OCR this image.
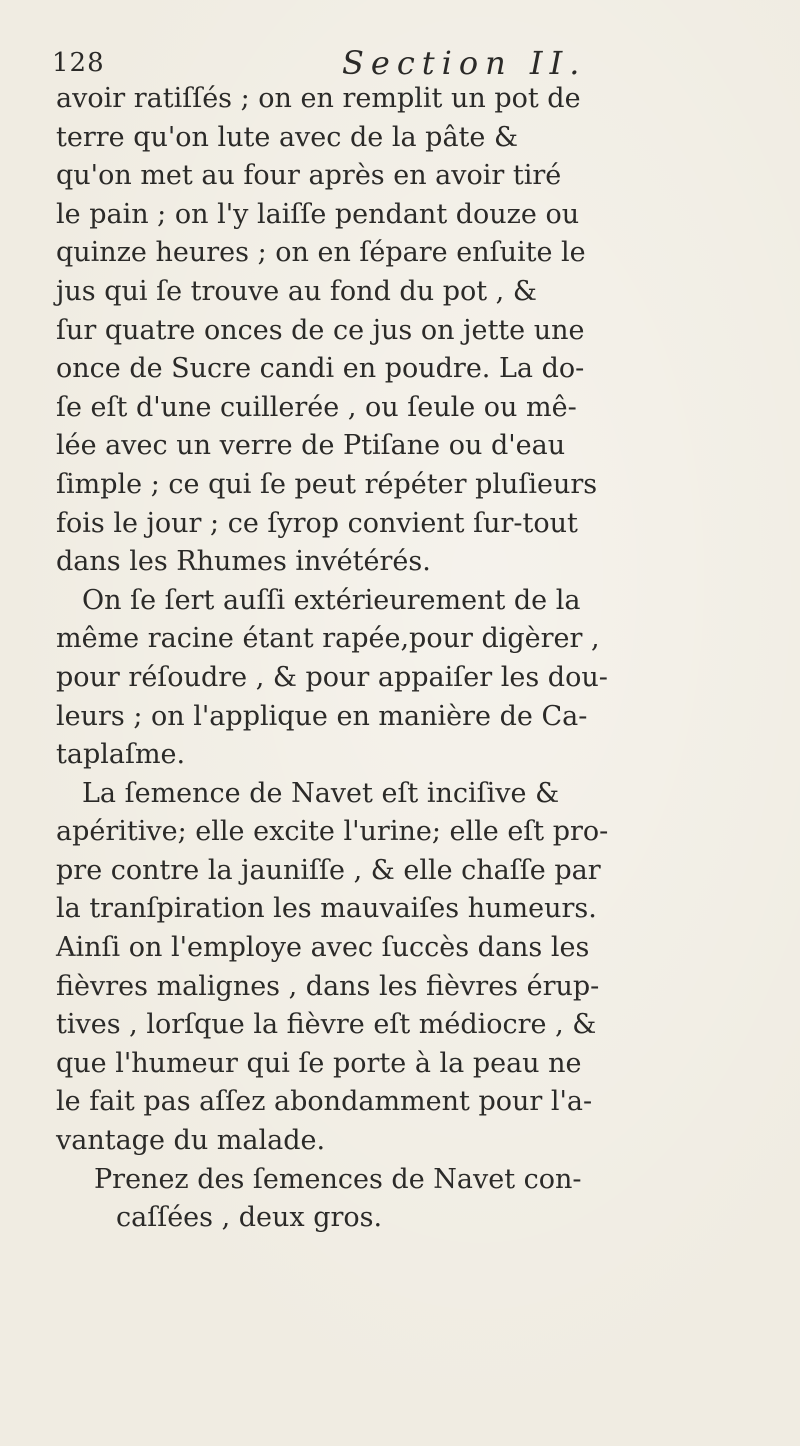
128	Section II.
avoir ratiſſés ; on en remplit un pot de
terre qu'on lute avec de la pâte &
qu'on met au four après en avoir tiré
le pain ; on l'y laiſſe pendant douze ou
quinze heures ; on en ſépare enſuite le
jus qui ſe trouve au fond du pot , &
ſur quatre onces de ce jus on jette une
once de Sucre candi en poudre. La do-
ſe eſt d'une cuillerée , ou ſeule ou mê-
lée avec un verre de Ptiſane ou d'eau
ſimple ; ce qui ſe peut répéter pluſieurs
fois le jour ; ce ſyrop convient ſur-tout
dans les Rhumes invétérés.
On ſe ſert auſſi extérieurement de la
même racine étant rapée,pour digèrer ,
pour réſoudre , & pour appaiſer les dou-
leurs ; on l'applique en manière de Ca-
taplaſme.
La ſemence de Navet eſt inciſive &
apéritive; elle excite l'urine; elle eſt pro-
pre contre la jauniſſe , & elle chaſſe par
la tranſpiration les mauvaiſes humeurs.
Ainſi on l'employe avec ſuccès dans les
fièvres malignes , dans les fièvres érup-
tives , lorſque la fièvre eſt médiocre , &
que l'humeur qui ſe porte à la peau ne
le fait pas aſſez abondamment pour l'a-
vantage du malade.
Prenez des ſemences de Navet con-
caſſées , deux gros.
